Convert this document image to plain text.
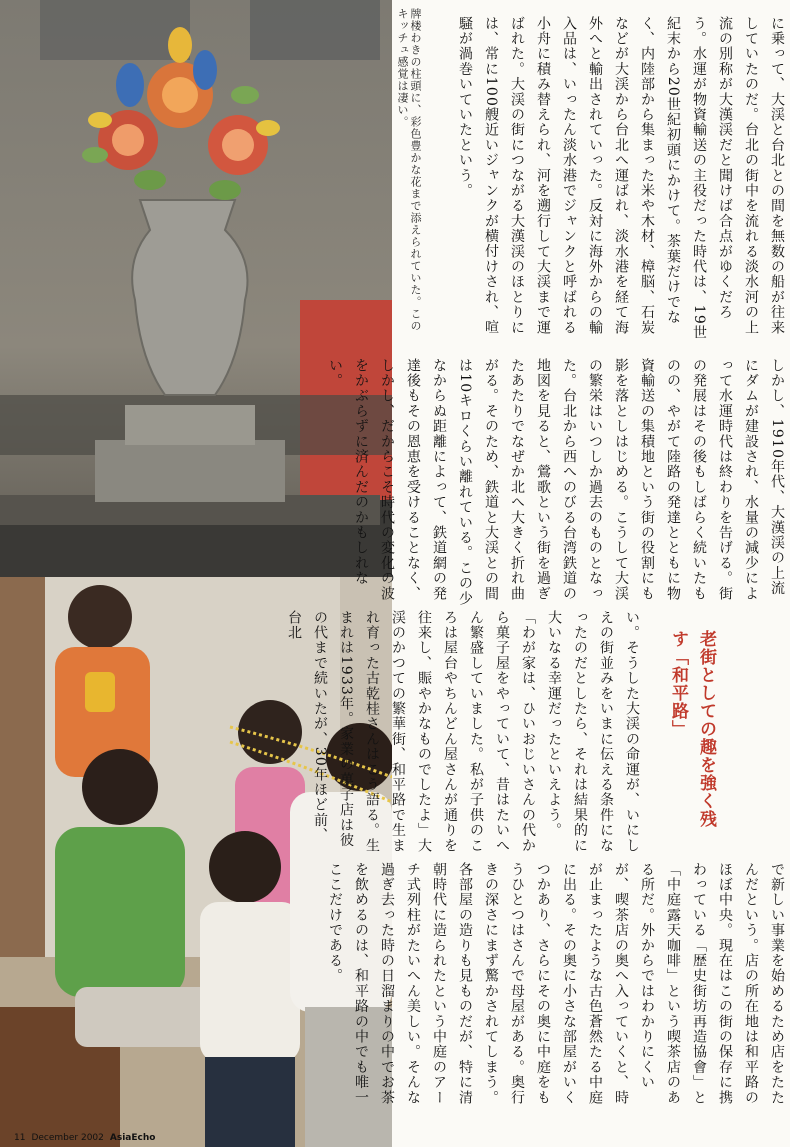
牌楼わきの柱頭に、彩色豊かな花まで添えられていた。このキッチュ感覚は凄い。	に乗って、大渓と台北との間を無数の船が往来していたのだ。台北の街中を流れる淡水河の上流の別称が大漢渓だと聞けば合点がゆくだろう。水運が物資輸送の主役だった時代は、19世紀末から20世紀初頭にかけて。茶葉だけでなく、内陸部から集まった米や木材、樟脳、石炭などが大渓から台北へ運ばれ、淡水港を経て海外へと輸出されていった。反対に海外からの輸入品は、いったん淡水港でジャンクと呼ばれる小舟に積み替えられ、河を遡行して大渓まで運ばれた。大渓の街につながる大漢渓のほとりには、常に100艘近いジャンクが横付けされ、喧騒が渦巻いていたという。
しかし、1910年代、大漢渓の上流にダムが建設され、水量の減少によって水運時代は終わりを告げる。街の発展はその後もしばらく続いたものの、やがて陸路の発達とともに物資輸送の集積地という街の役割にも影を落としはじめる。こうして大渓の繁栄はいつしか過去のものとなった。台北から西へのびる台湾鉄道の地図を見ると、鶯歌という街を過ぎたあたりでなぜか北へ大きく折れ曲がる。そのため、鉄道と大渓との間は10キロくらい離れている。この少なからぬ距離によって、鉄道網の発達後もその恩恵を受けることなく、しかし、だからこそ時代の変化の波をかぶらずに済んだのかもしれない。
い。そうした大渓の命運が、いにしえの街並みをいまに伝える条件になったのだとしたら、それは結果的に大いなる幸運だったといえよう。「わが家は、ひいおじいさんの代から菓子屋をやっていて、昔はたいへん繁盛していました。私が子供のころは屋台やちんどん屋さんが通りを往来し、賑やかなものでしたよ」大渓のかつての繁華街、和平路で生まれ育った古乾桂さんはこう語る。生まれは1933年。家業の菓子店は彼の代まで続いたが、30年ほど前、台北
老街としての趣を強く残す「和平路」
で新しい事業を始めるため店をたたんだという。店の所在地は和平路のほぼ中央。現在はこの街の保存に携わっている「歴史街坊再造協會」と「中庭露天咖啡」という喫茶店のある所だ。外からではわかりにくいが、喫茶店の奥へ入っていくと、時が止まったような古色蒼然たる中庭に出る。その奥に小さな部屋がいくつかあり、さらにその奥に中庭をもうひとつはさんで母屋がある。奥行きの深さにまず驚かされてしまう。各部屋の造りも見ものだが、特に清朝時代に造られたという中庭のアーチ式列柱がたいへん美しい。そんな過ぎ去った時の日溜まりの中でお茶を飲めるのは、和平路の中でも唯一ここだけである。
11 December 2002 AsiaEcho
